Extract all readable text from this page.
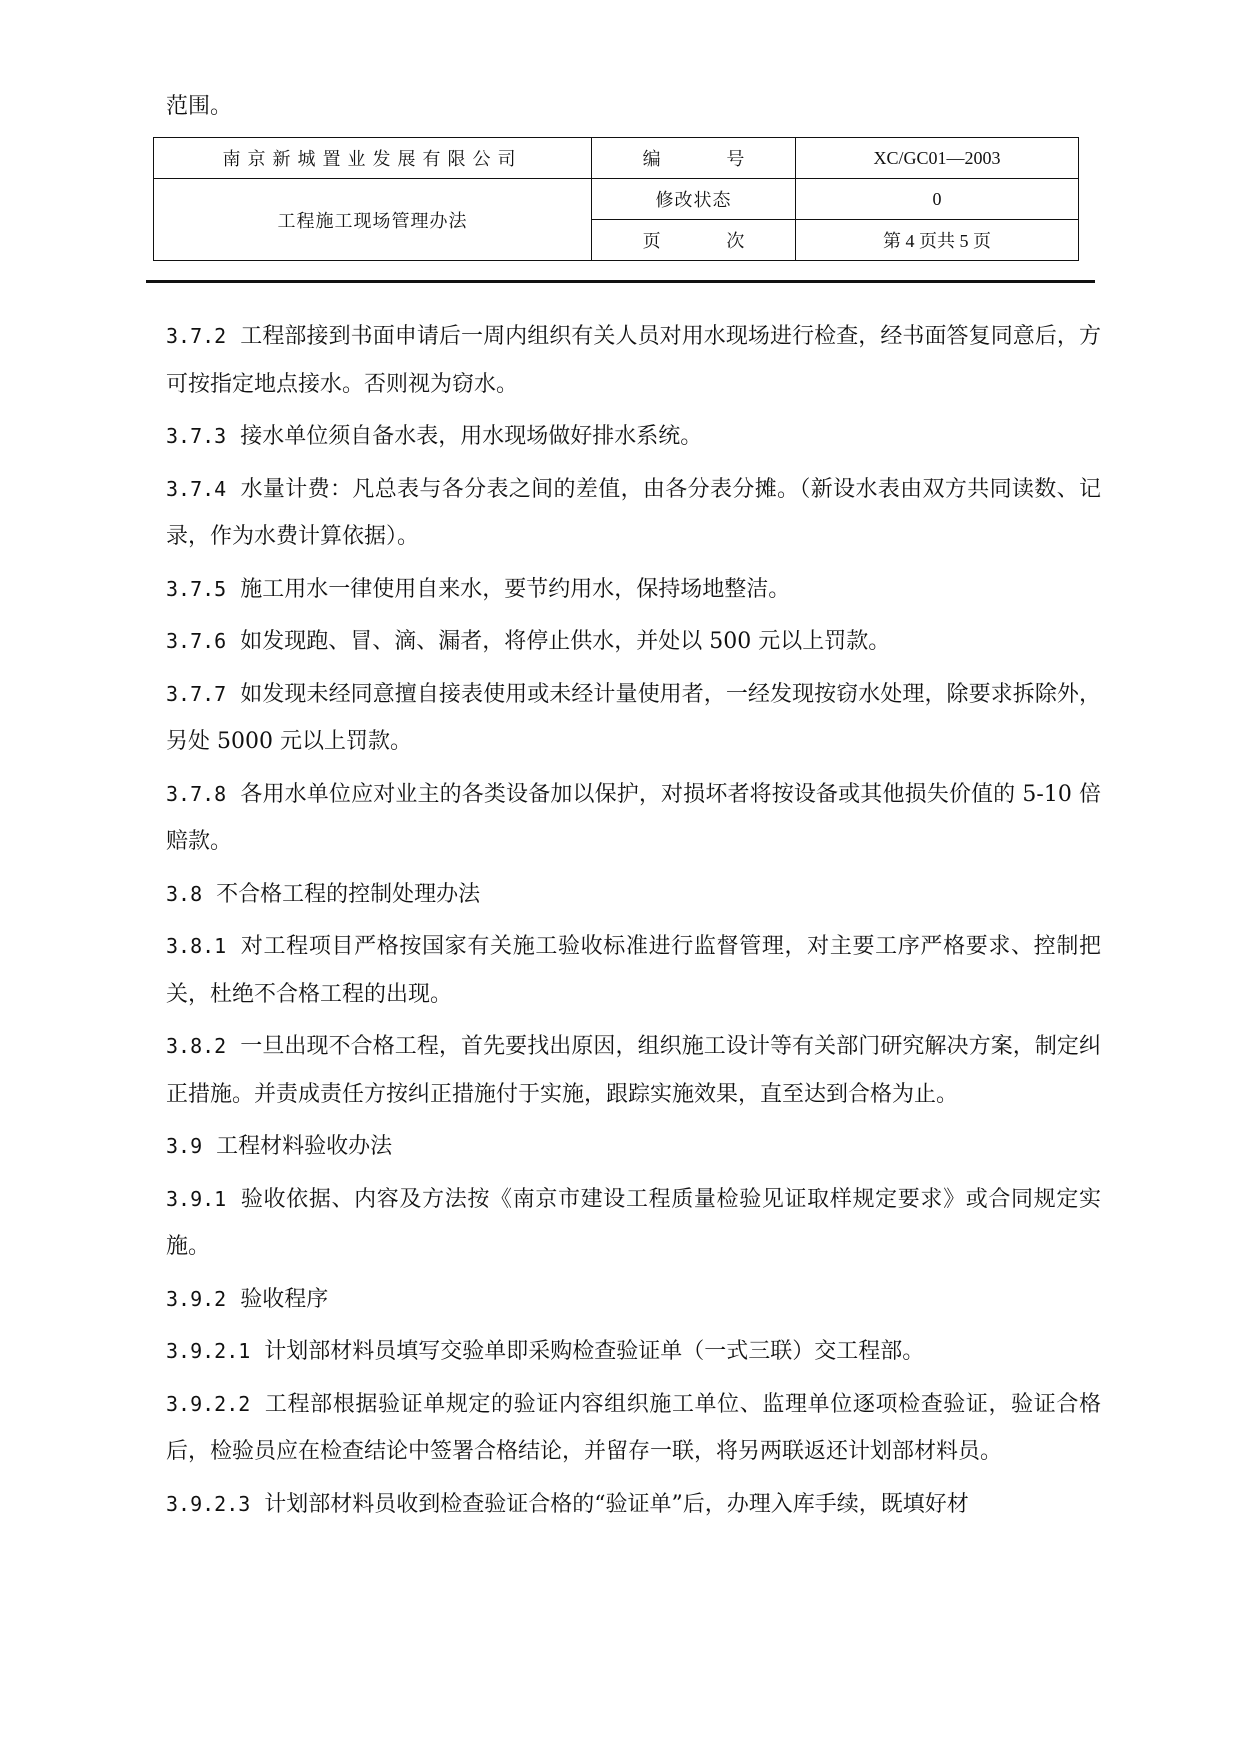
范围。

南京新城置业发展有限公司	编 号	XC/GC01—2003
工程施工现场管理办法	修改状态	0
	页 次	第 4 页共 5 页

3.7.2 工程部接到书面申请后一周内组织有关人员对用水现场进行检查，经书面答复同意后，方可按指定地点接水。否则视为窃水。

3.7.3 接水单位须自备水表，用水现场做好排水系统。

3.7.4 水量计费：凡总表与各分表之间的差值，由各分表分摊。（新设水表由双方共同读数、记录，作为水费计算依据）。

3.7.5 施工用水一律使用自来水，要节约用水，保持场地整洁。

3.7.6 如发现跑、冒、滴、漏者，将停止供水，并处以 500 元以上罚款。

3.7.7 如发现未经同意擅自接表使用或未经计量使用者，一经发现按窃水处理，除要求拆除外，另处 5000 元以上罚款。

3.7.8 各用水单位应对业主的各类设备加以保护，对损坏者将按设备或其他损失价值的 5-10 倍赔款。

3.8 不合格工程的控制处理办法

3.8.1 对工程项目严格按国家有关施工验收标准进行监督管理，对主要工序严格要求、控制把关，杜绝不合格工程的出现。

3.8.2 一旦出现不合格工程，首先要找出原因，组织施工设计等有关部门研究解决方案，制定纠正措施。并责成责任方按纠正措施付于实施，跟踪实施效果，直至达到合格为止。

3.9 工程材料验收办法

3.9.1 验收依据、内容及方法按《南京市建设工程质量检验见证取样规定要求》或合同规定实施。

3.9.2 验收程序

3.9.2.1 计划部材料员填写交验单即采购检查验证单（一式三联）交工程部。

3.9.2.2 工程部根据验证单规定的验证内容组织施工单位、监理单位逐项检查验证，验证合格后，检验员应在检查结论中签署合格结论，并留存一联，将另两联返还计划部材料员。

3.9.2.3 计划部材料员收到检查验证合格的“验证单”后，办理入库手续，既填好材
